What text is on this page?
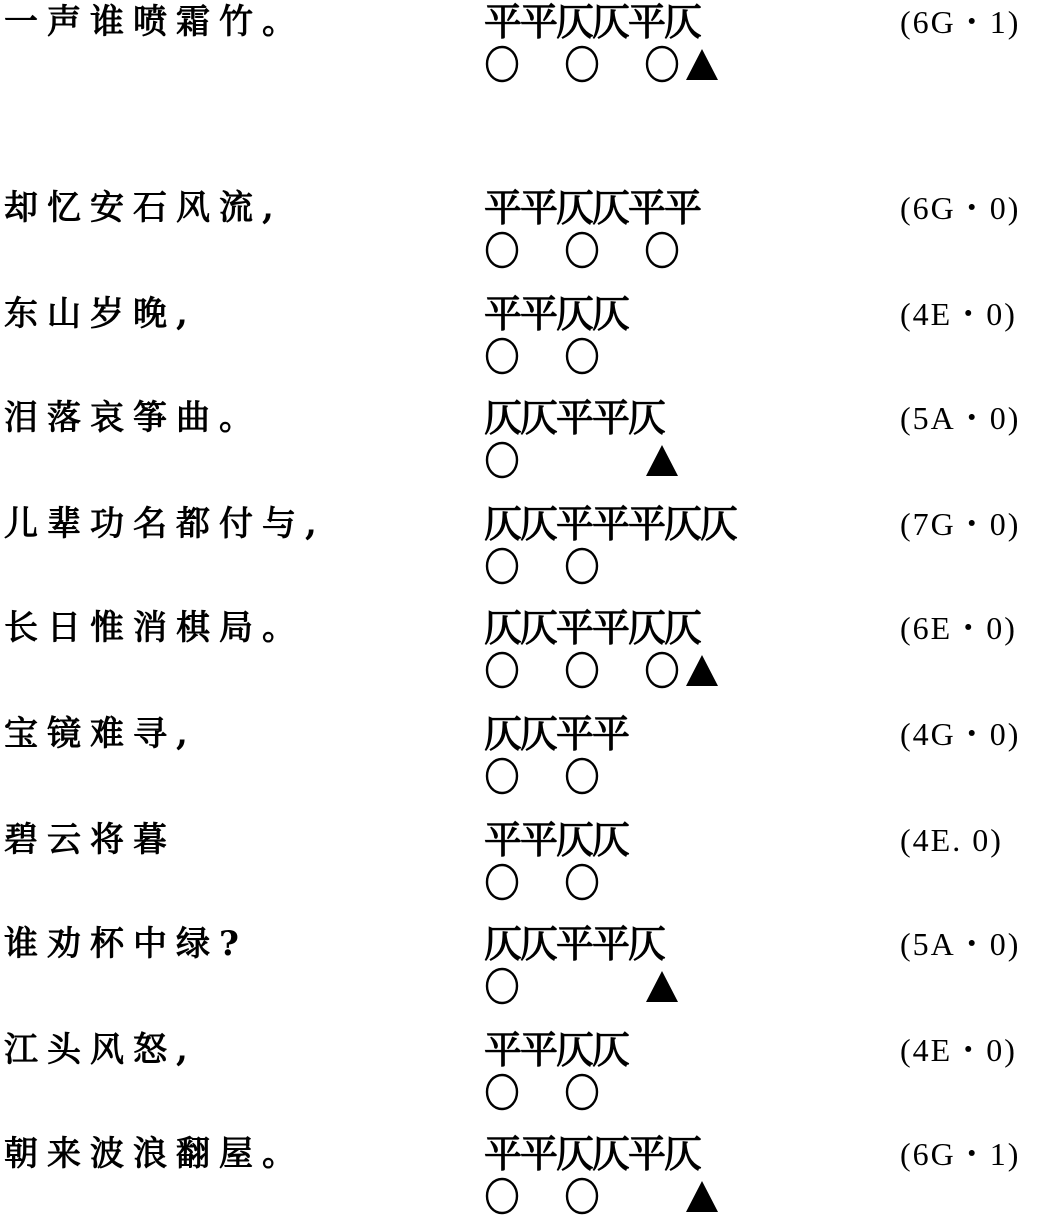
一声谁喷霜竹。	平平仄仄平仄	(6G・1)
却忆安石风流,	平平仄仄平平	(6G・0)
东山岁晚,	平平仄仄	(4E・0)
泪落哀筝曲。	仄仄平平仄	(5A・0)
儿辈功名都付与,	仄仄平平平仄仄	(7G・0)
长日惟消棋局。	仄仄平平仄仄	(6E・0)
宝镜难寻,	仄仄平平	(4G・0)
碧云将暮	平平仄仄	(4E. 0)
谁劝杯中绿?	仄仄平平仄	(5A・0)
江头风怒,	平平仄仄	(4E・0)
朝来波浪翻屋。	平平仄仄平仄	(6G・1)
